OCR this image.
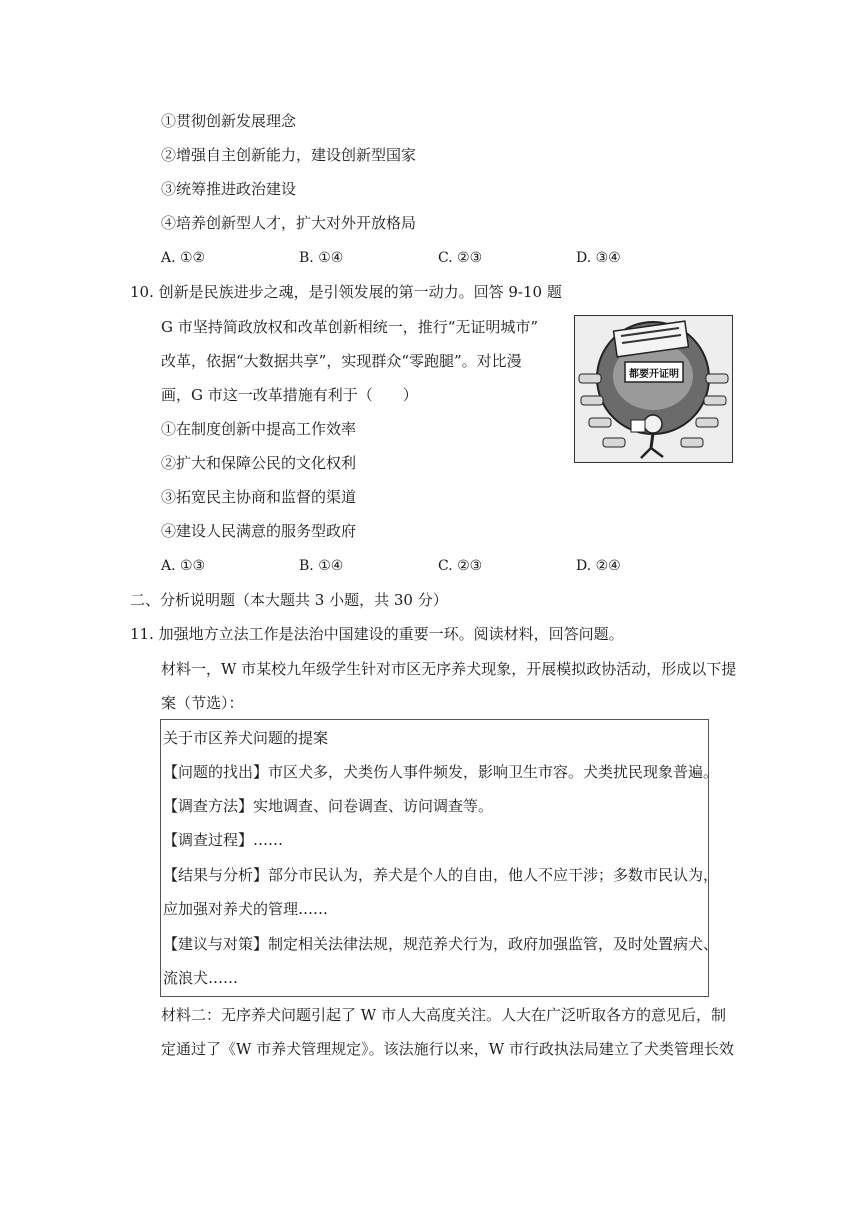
①贯彻创新发展理念
②增强自主创新能力，建设创新型国家
③统筹推进政治建设
④培养创新型人才，扩大对外开放格局
A. ①②	B. ①④	C. ②③	D. ③④
10. 创新是民族进步之魂，是引领发展的第一动力。回答 9-10 题
G 市坚持简政放权和改革创新相统一，推行“无证明城市”
改革，依据“大数据共享”，实现群众“零跑腿”。对比漫
画，G 市这一改革措施有利于（　　）
①在制度创新中提高工作效率
②扩大和保障公民的文化权利
③拓宽民主协商和监督的渠道
④建设人民满意的服务型政府
A. ①③	B. ①④	C. ②③	D. ②④
都要开证明
二、分析说明题（本大题共 3 小题，共 30 分）
11. 加强地方立法工作是法治中国建设的重要一环。阅读材料，回答问题。
材料一，W 市某校九年级学生针对市区无序养犬现象，开展模拟政协活动，形成以下提
案（节选）：
关于市区养犬问题的提案
【问题的找出】市区犬多，犬类伤人事件频发，影响卫生市容。犬类扰民现象普遍。
【调查方法】实地调查、问卷调查、访问调查等。
【调查过程】……
【结果与分析】部分市民认为，养犬是个人的自由，他人不应干涉；多数市民认为，
应加强对养犬的管理……
【建议与对策】制定相关法律法规，规范养犬行为，政府加强监管，及时处置病犬、
流浪犬……
材料二：无序养犬问题引起了 W 市人大高度关注。人大在广泛听取各方的意见后，制
定通过了《W 市养犬管理规定》。该法施行以来，W 市行政执法局建立了犬类管理长效
